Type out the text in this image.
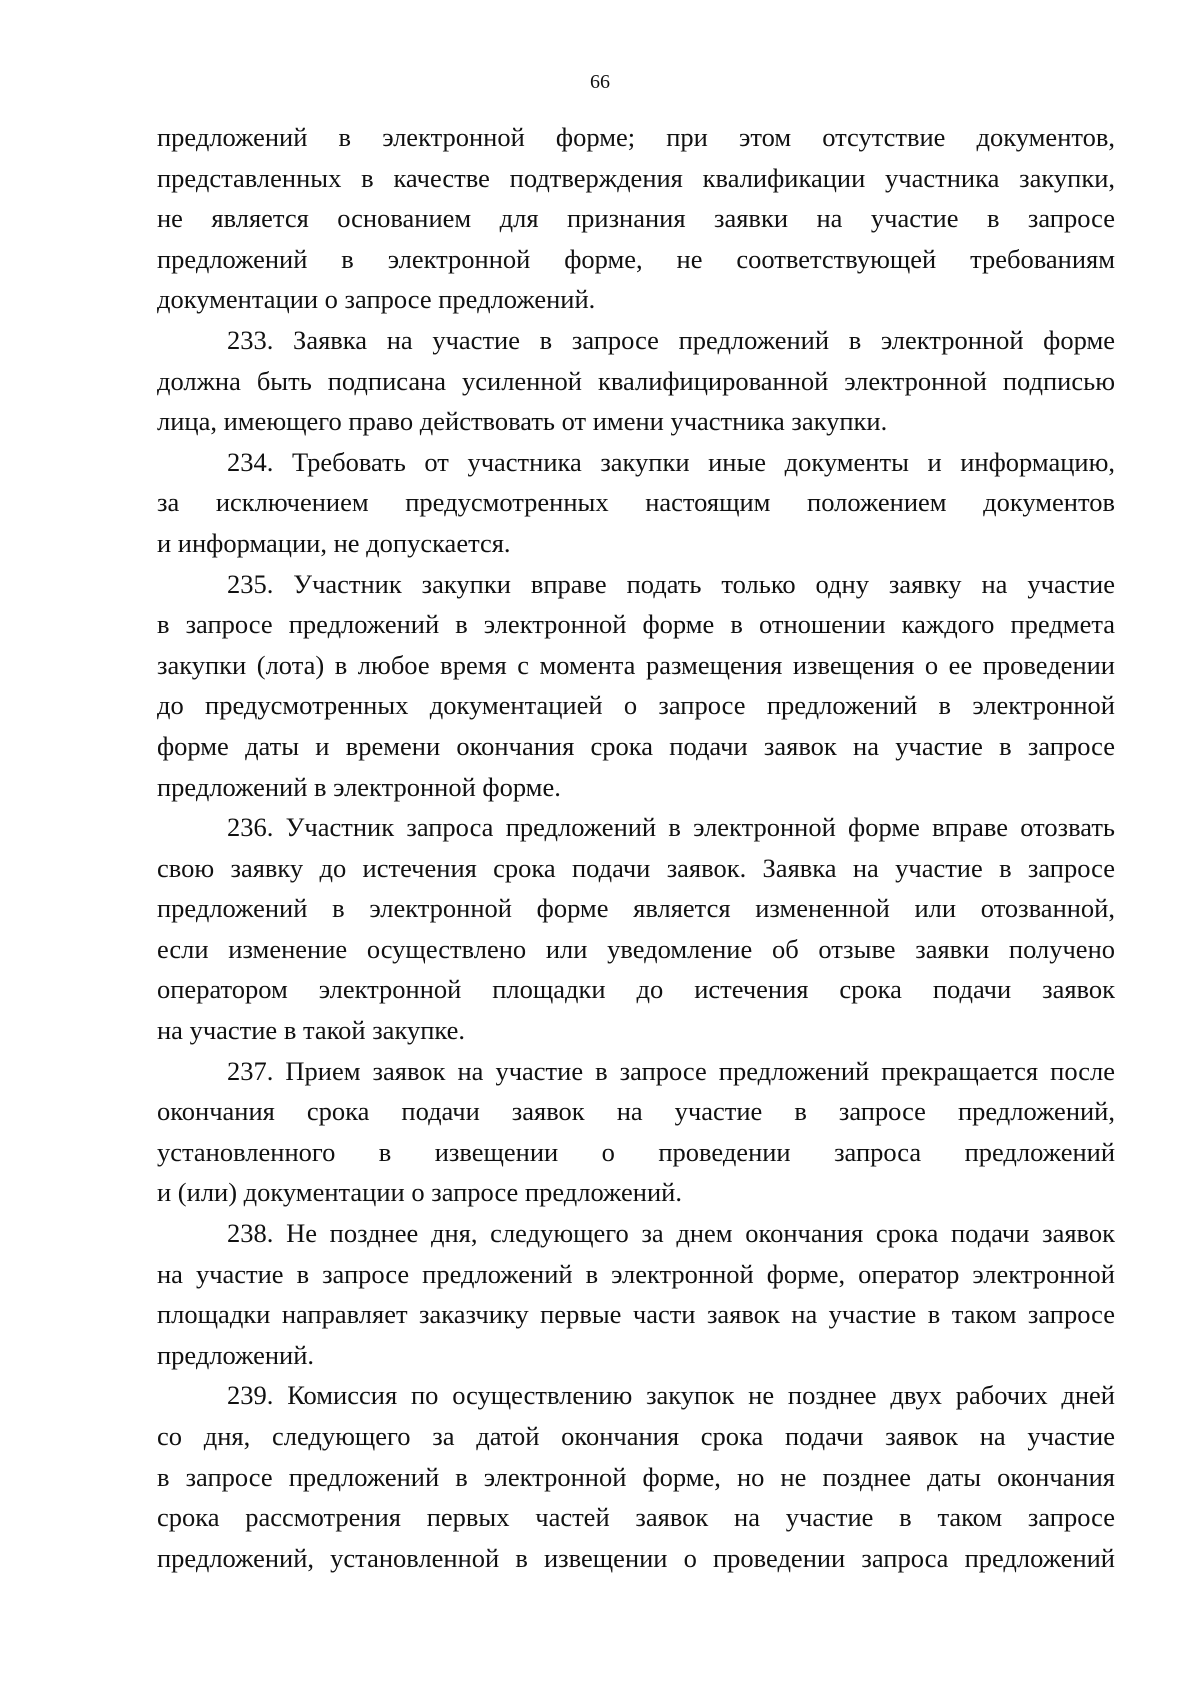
66
предложений в электронной форме; при этом отсутствие документов,
представленных в качестве подтверждения квалификации участника закупки,
не является основанием для признания заявки на участие в запросе
предложений в электронной форме, не соответствующей требованиям
документации о запросе предложений.
233. Заявка на участие в запросе предложений в электронной форме
должна быть подписана усиленной квалифицированной электронной подписью
лица, имеющего право действовать от имени участника закупки.
234. Требовать от участника закупки иные документы и информацию,
за исключением предусмотренных настоящим положением документов
и информации, не допускается.
235. Участник закупки вправе подать только одну заявку на участие
в запросе предложений в электронной форме в отношении каждого предмета
закупки (лота) в любое время с момента размещения извещения о ее проведении
до предусмотренных документацией о запросе предложений в электронной
форме даты и времени окончания срока подачи заявок на участие в запросе
предложений в электронной форме.
236. Участник запроса предложений в электронной форме вправе отозвать
свою заявку до истечения срока подачи заявок. Заявка на участие в запросе
предложений в электронной форме является измененной или отозванной,
если изменение осуществлено или уведомление об отзыве заявки получено
оператором электронной площадки до истечения срока подачи заявок
на участие в такой закупке.
237. Прием заявок на участие в запросе предложений прекращается после
окончания срока подачи заявок на участие в запросе предложений,
установленного в извещении о проведении запроса предложений
и (или) документации о запросе предложений.
238. Не позднее дня, следующего за днем окончания срока подачи заявок
на участие в запросе предложений в электронной форме, оператор электронной
площадки направляет заказчику первые части заявок на участие в таком запросе
предложений.
239. Комиссия по осуществлению закупок не позднее двух рабочих дней
со дня, следующего за датой окончания срока подачи заявок на участие
в запросе предложений в электронной форме, но не позднее даты окончания
срока рассмотрения первых частей заявок на участие в таком запросе
предложений, установленной в извещении о проведении запроса предложений
